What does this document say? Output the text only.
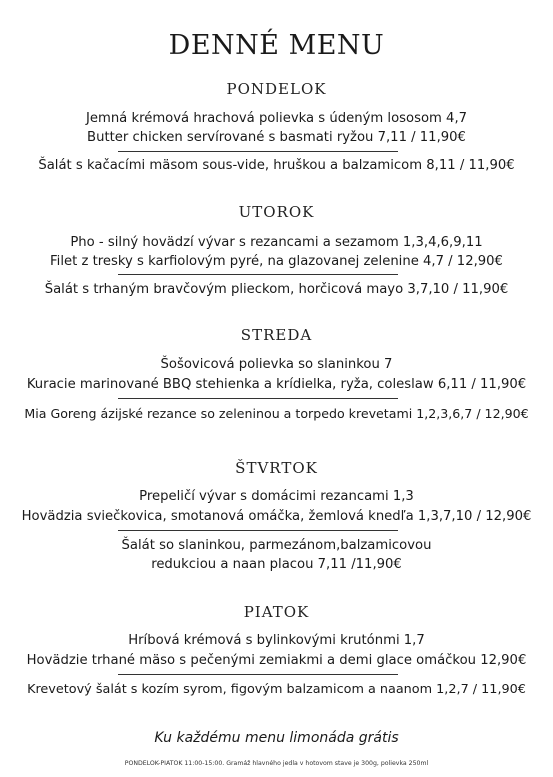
DENNÉ MENU
PONDELOK
Jemná krémová hrachová polievka s údeným lososom 4,7
Butter chicken servírované s basmati ryžou 7,11 / 11,90€
Šalát s kačacími mäsom sous-vide, hruškou a balzamicom 8,11 / 11,90€
UTOROK
Pho - silný hovädzí vývar s rezancami a sezamom 1,3,4,6,9,11
Filet z tresky s karfiolovým pyré, na glazovanej zelenine 4,7 / 12,90€
Šalát s trhaným bravčovým plieckom, horčicová mayo 3,7,10 / 11,90€
STREDA
Šošovicová polievka so slaninkou 7
Kuracie marinované BBQ stehienka a krídielka, ryža, coleslaw 6,11 / 11,90€
Mia Goreng ázijské rezance so zeleninou a torpedo krevetami 1,2,3,6,7 / 12,90€
ŠTVRTOK
Prepeličí vývar s domácimi rezancami 1,3
Hovädzia sviečkovica, smotanová omáčka, žemlová knedľa 1,3,7,10 / 12,90€
Šalát so slaninkou, parmezánom,balzamicovou
redukciou a naan placou 7,11 /11,90€
PIATOK
Hríbová krémová s bylinkovými krutónmi 1,7
Hovädzie trhané mäso s pečenými zemiakmi a demi glace omáčkou 12,90€
Krevetový šalát s kozím syrom, figovým balzamicom a naanom 1,2,7 / 11,90€
Ku každému menu limonáda grátis
PONDELOK-PIATOK 11:00-15:00. Gramáž hlavného jedla v hotovom stave je 300g, polievka 250ml
